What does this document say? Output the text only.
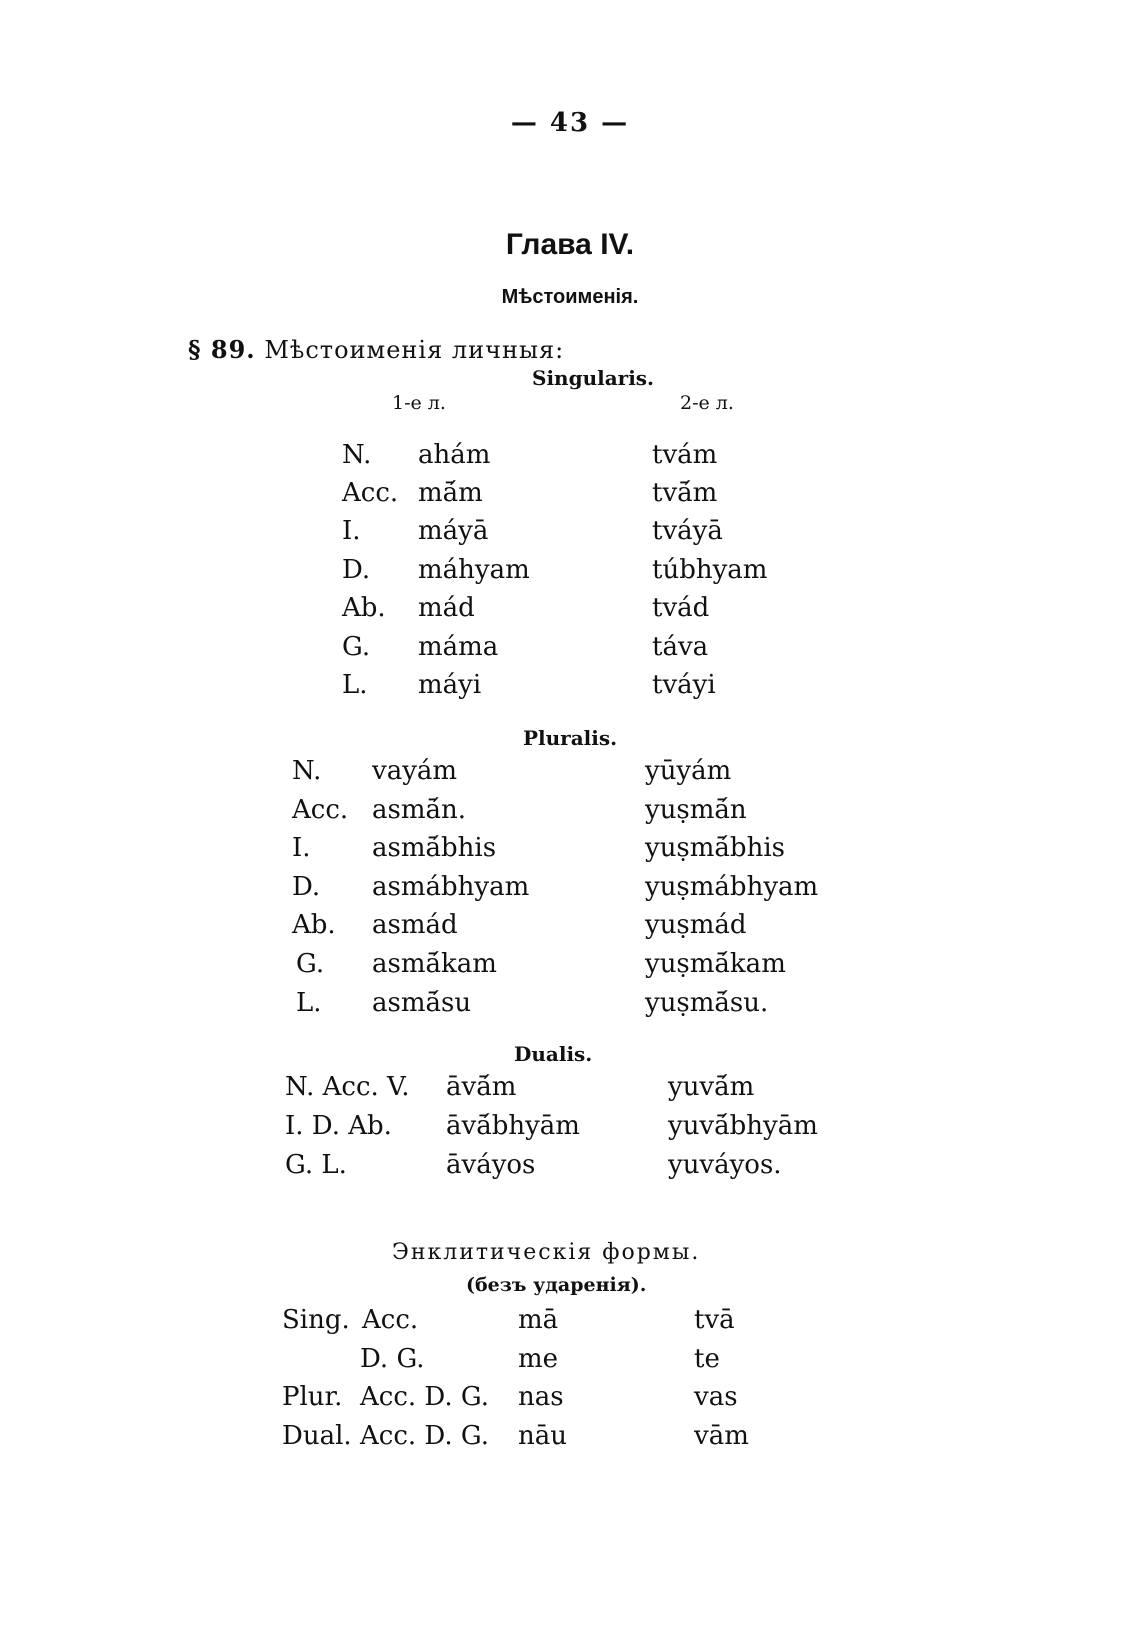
— 43 —
Глава IV.
Мѣстоименія.
§ 89. Мѣстоименія личныя:
Singularis.
1-е л.	2-е л.
N. ahám	tvám
Acc. mā́m	tvā́m
I. máyā	tváyā
D. máhyam	túbhyam
Ab. mád	tvád
G. máma	táva
L. máyi	tváyi
Pluralis.
N. vayám	yūyám
Acc. asmā́n.	yuṣmā́n
I. asmā́bhis	yuṣmā́bhis
D. asmábhyam	yuṣmábhyam
Ab. asmád	yuṣmád
G. asmā́kam	yuṣmā́kam
L. asmā́su	yuṣmā́su.
Dualis.
N. Acc. V. āvā́m	yuvā́m
I. D. Ab. āvā́bhyām	yuvā́bhyām
G. L.	āváyos	yuváyos.
Энклитическія формы.
(безъ ударенія).
Sing. Acc.	mā	tvā
D. G.	me	te
Plur. Acc. D. G. nas	vas
Dual. Acc. D. G. nāu	vām
